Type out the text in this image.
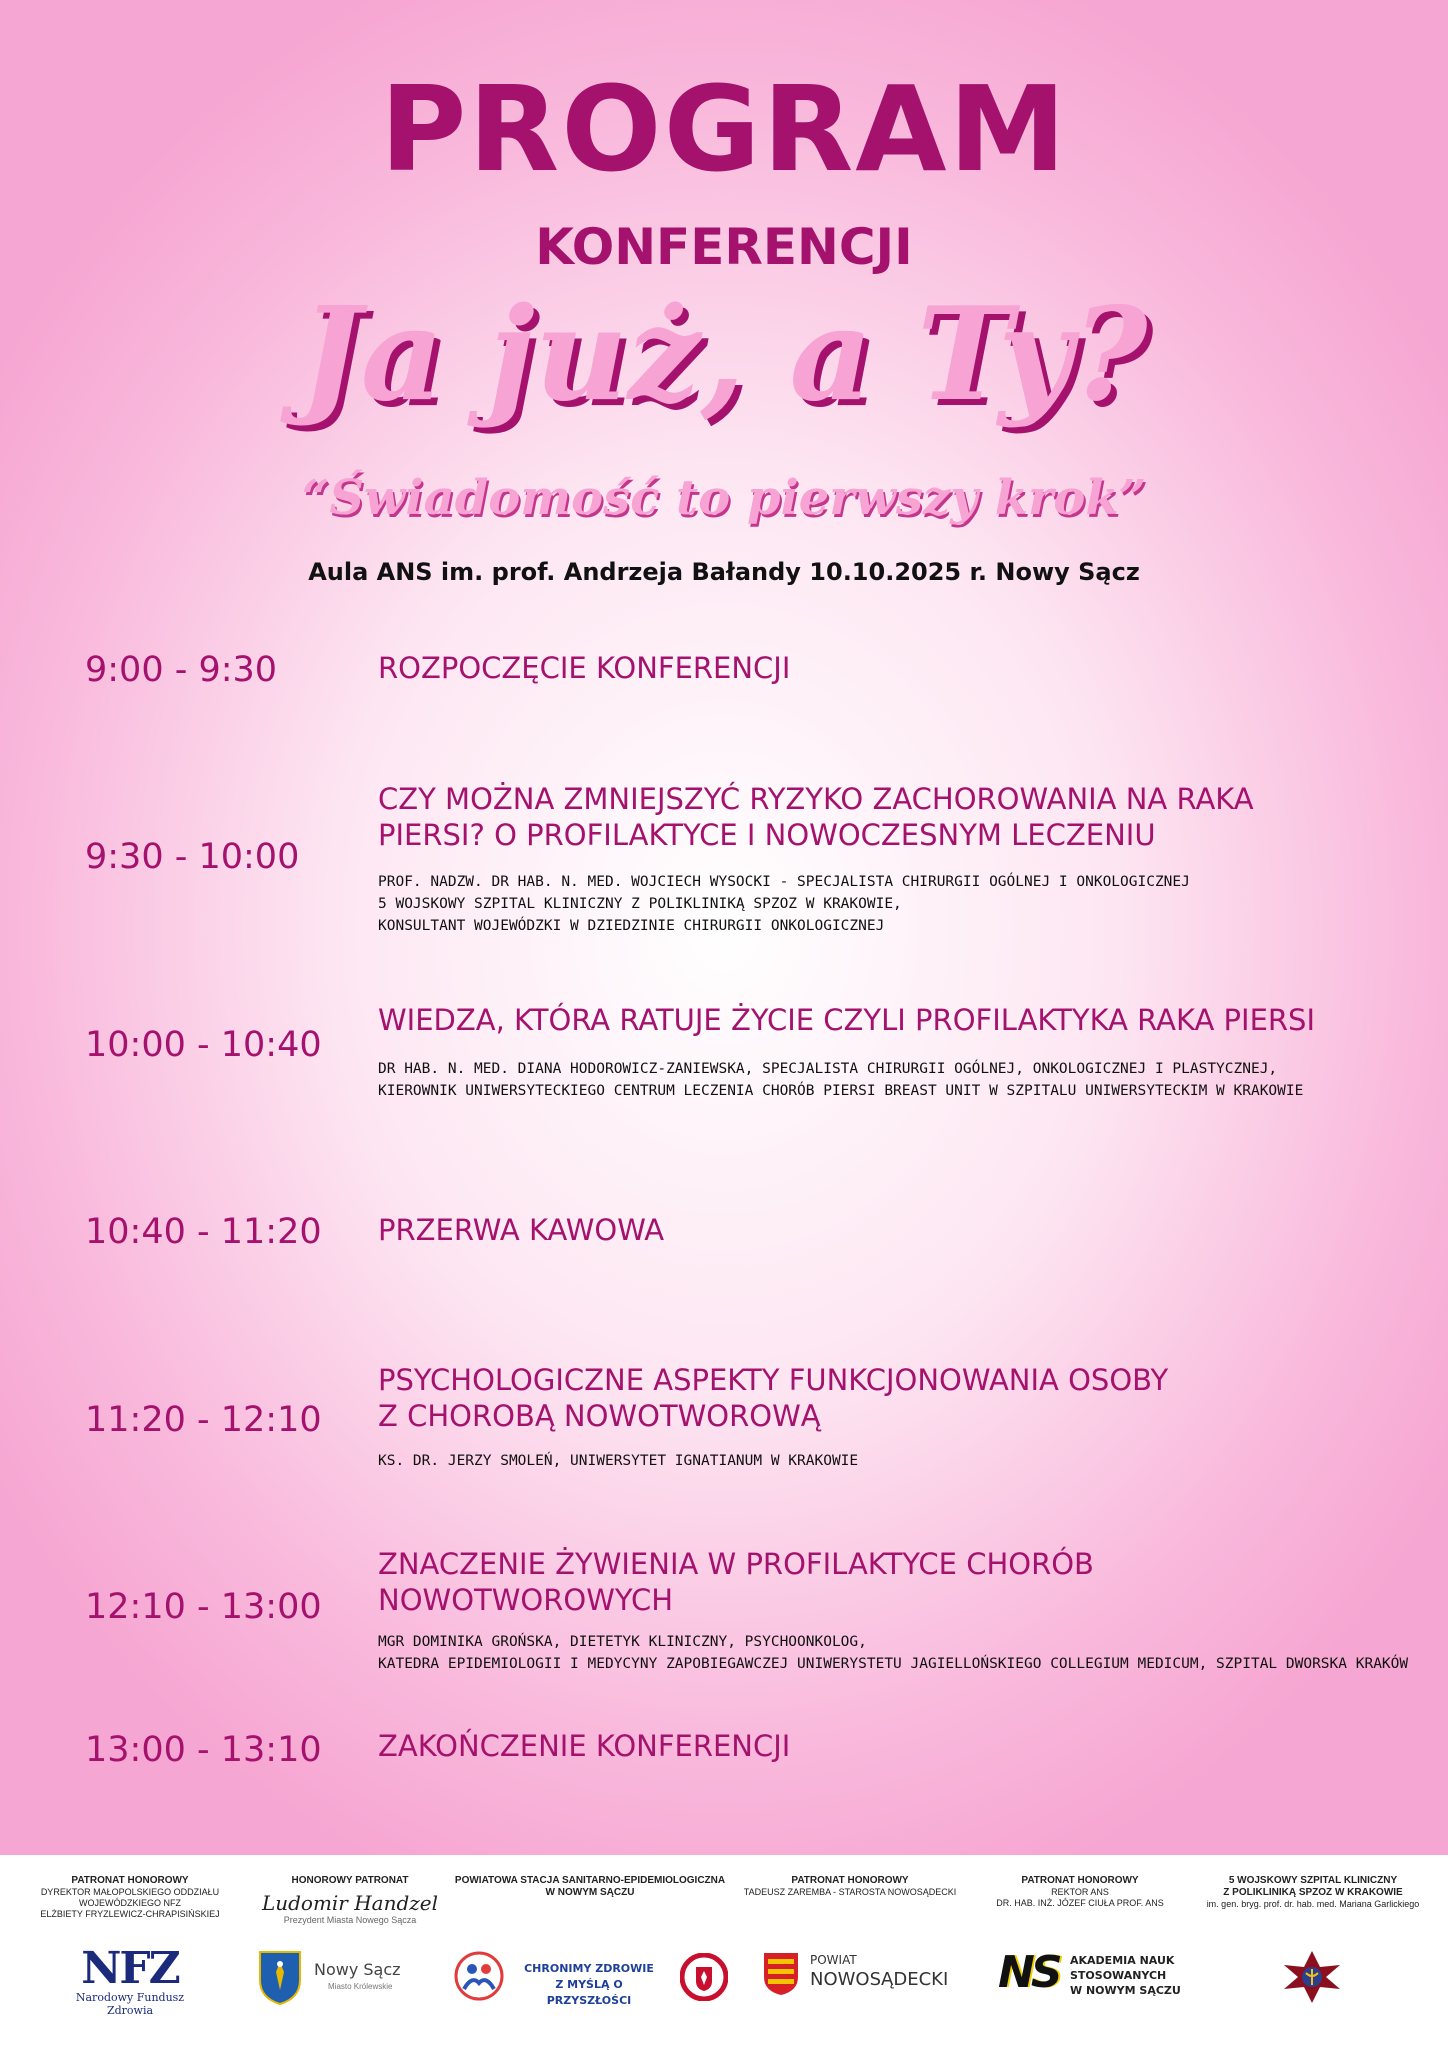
PROGRAM
KONFERENCJI
Ja już, a Ty?
“Świadomość to pierwszy krok”
Aula ANS im. prof. Andrzeja Bałandy 10.10.2025 r. Nowy Sącz
9:00 - 9:30	ROZPOCZĘCIE KONFERENCJI
9:30 - 10:00
CZY MOŻNA ZMNIEJSZYĆ RYZYKO ZACHOROWANIA NA RAKA
PIERSI? O PROFILAKTYCE I NOWOCZESNYM LECZENIU
PROF. NADZW. DR HAB. N. MED. WOJCIECH WYSOCKI - SPECJALISTA CHIRURGII OGÓLNEJ I ONKOLOGICZNEJ
5 WOJSKOWY SZPITAL KLINICZNY Z POLIKLINIKĄ SPZOZ W KRAKOWIE,
KONSULTANT WOJEWÓDZKI W DZIEDZINIE CHIRURGII ONKOLOGICZNEJ
10:00 - 10:40
WIEDZA, KTÓRA RATUJE ŻYCIE CZYLI PROFILAKTYKA RAKA PIERSI
DR HAB. N. MED. DIANA HODOROWICZ-ZANIEWSKA, SPECJALISTA CHIRURGII OGÓLNEJ, ONKOLOGICZNEJ I PLASTYCZNEJ,
KIEROWNIK UNIWERSYTECKIEGO CENTRUM LECZENIA CHORÓB PIERSI BREAST UNIT W SZPITALU UNIWERSYTECKIM W KRAKOWIE
10:40 - 11:20 PRZERWA KAWOWA
11:20 - 12:10
PSYCHOLOGICZNE ASPEKTY FUNKCJONOWANIA OSOBY
Z CHOROBĄ NOWOTWOROWĄ
KS. DR. JERZY SMOLEŃ, UNIWERSYTET IGNATIANUM W KRAKOWIE
12:10 - 13:00
ZNACZENIE ŻYWIENIA W PROFILAKTYCE CHORÓB
NOWOTWOROWYCH
MGR DOMINIKA GROŃSKA, DIETETYK KLINICZNY, PSYCHOONKOLOG,
KATEDRA EPIDEMIOLOGII I MEDYCYNY ZAPOBIEGAWCZEJ UNIWERYSTETU JAGIELLOŃSKIEGO COLLEGIUM MEDICUM, SZPITAL DWORSKA KRAKÓW
13:00 - 13:10 ZAKOŃCZENIE KONFERENCJI
PATRONAT HONOROWY
DYREKTOR MAŁOPOLSKIEGO ODDZIAŁU
WOJEWÓDZKIEGO NFZ
ELŻBIETY FRYZLEWICZ-CHRAPISIŃSKIEJ
NFZ
Narodowy Fundusz Zdrowia
HONOROWY PATRONAT
Ludomir Handzel
Prezydent Miasta Nowego Sącza
Nowy Sącz
Miasto Królewskie
POWIATOWA STACJA SANITARNO-EPIDEMIOLOGICZNA
W NOWYM SĄCZU
CHRONIMY ZDROWIE
Z MYŚLĄ O PRZYSZŁOŚCI
PATRONAT HONOROWY
TADEUSZ ZAREMBA - STAROSTA NOWOSĄDECKI
POWIAT
NOWOSĄDECKI
PATRONAT HONOROWY
REKTOR ANS
DR. HAB. INŻ. JÓZEF CIUŁA PROF. ANS
NS AKADEMIA NAUK
STOSOWANYCH
W NOWYM SĄCZU
5 WOJSKOWY SZPITAL KLINICZNY
Z POLIKLINIKĄ SPZOZ W KRAKOWIE
im. gen. bryg. prof. dr. hab. med. Mariana Garlickiego
